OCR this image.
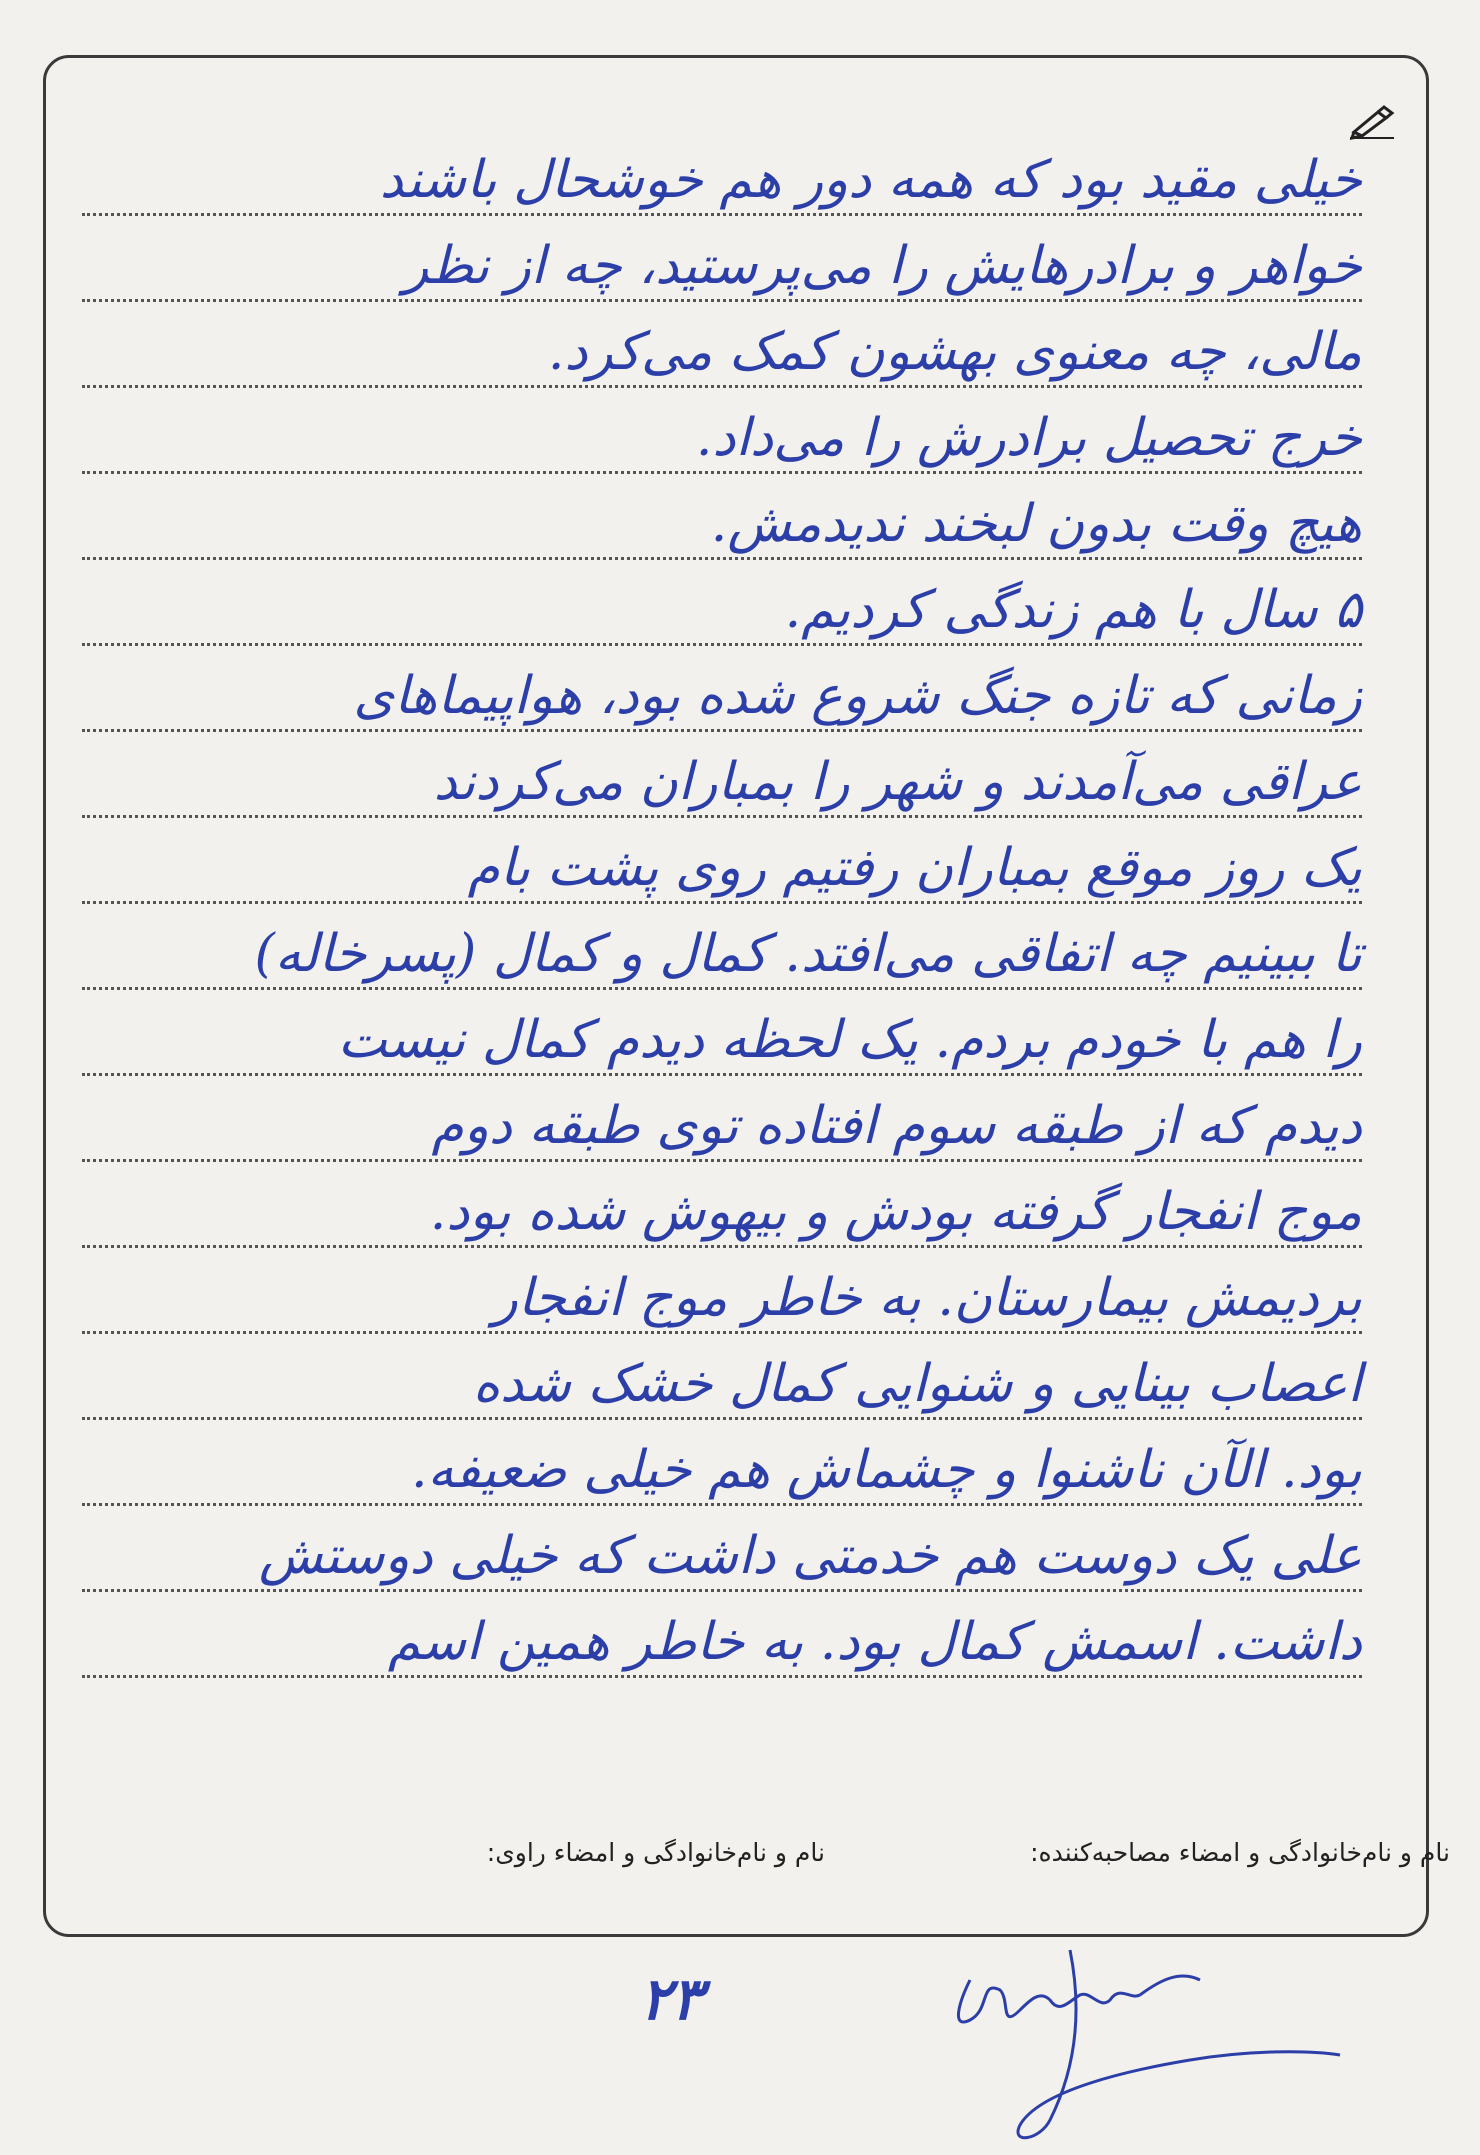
خیلی مقید بود که همه دور هم خوشحال باشند
خواهر و برادرهایش را می‌پرستید، چه از نظر
مالی، چه معنوی بهشون کمک می‌کرد.
خرج تحصیل برادرش را می‌داد.
هیچ وقت بدون لبخند ندیدمش.
۵ سال با هم زندگی کردیم.
زمانی که تازه جنگ شروع شده بود، هواپیماهای
عراقی می‌آمدند و شهر را بمباران می‌کردند
یک روز موقع بمباران رفتیم روی پشت بام
تا ببینیم چه اتفاقی می‌افتد. کمال و کمال (پسرخاله)
را هم با خودم بردم. یک لحظه دیدم کمال نیست
دیدم که از طبقه سوم افتاده توی طبقه دوم
موج انفجار گرفته بودش و بیهوش شده بود.
بردیمش بیمارستان. به خاطر موج انفجار
اعصاب بینایی و شنوایی کمال خشک شده
بود. الآن ناشنوا و چشماش هم خیلی ضعیفه.
علی یک دوست هم خدمتی داشت که خیلی دوستش
داشت. اسمش کمال بود. به خاطر همین اسم
نام و نام‌خانوادگی و امضاء مصاحبه‌کننده:
نام و نام‌خانوادگی و امضاء راوی:
۲۳
